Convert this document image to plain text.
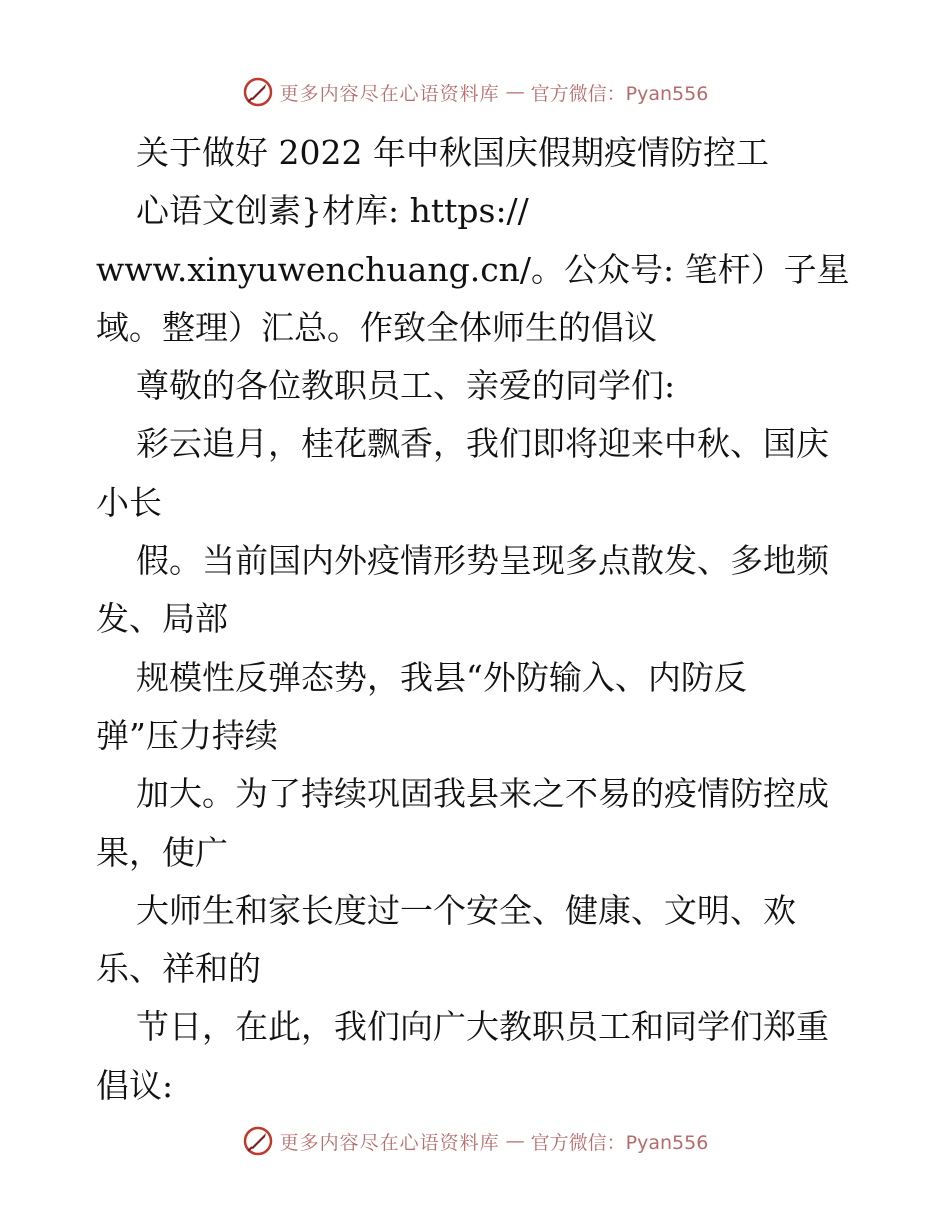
更多内容尽在心语资料库 — 官方微信：Pyan556
关于做好 2022 年中秋国庆假期疫情防控工
心语文创素}材库: https://
www.xinyuwenchuang.cn/。公众号: 笔杆）子星
域。整理）汇总。作致全体师生的倡议
尊敬的各位教职员工、亲爱的同学们:
彩云追月，桂花飘香，我们即将迎来中秋、国庆
小长
假。当前国内外疫情形势呈现多点散发、多地频
发、局部
规模性反弹态势，我县“外防输入、内防反
弹”压力持续
加大。为了持续巩固我县来之不易的疫情防控成
果，使广
大师生和家长度过一个安全、健康、文明、欢
乐、祥和的
节日，在此，我们向广大教职员工和同学们郑重
倡议:
更多内容尽在心语资料库 — 官方微信：Pyan556
